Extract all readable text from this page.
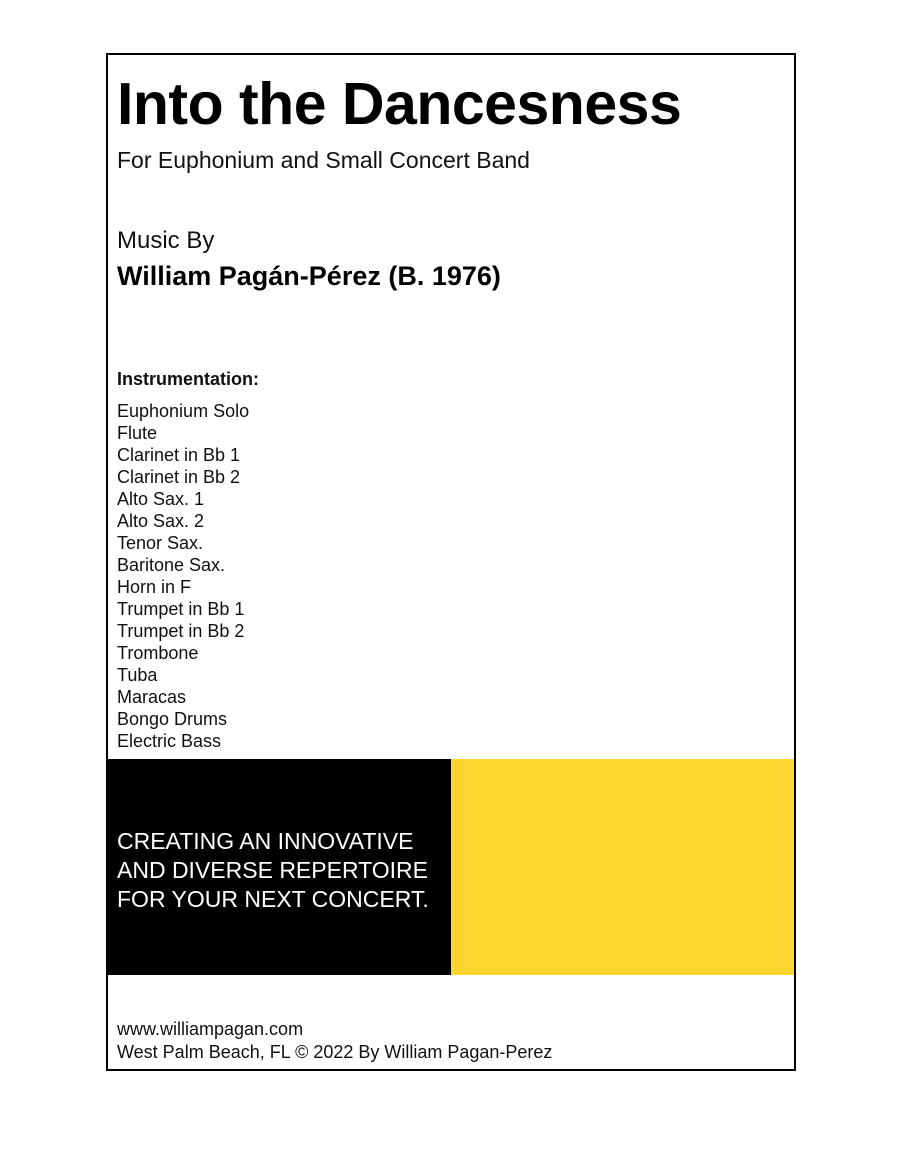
Into the Dancesness
For Euphonium and Small Concert Band
Music By
William Pagán-Pérez (B. 1976)
Instrumentation:
Euphonium Solo
Flute
Clarinet in Bb 1
Clarinet in Bb 2
Alto Sax. 1
Alto Sax. 2
Tenor Sax.
Baritone Sax.
Horn in F
Trumpet in Bb 1
Trumpet in Bb 2
Trombone
Tuba
Maracas
Bongo Drums
Electric Bass
CREATING AN INNOVATIVE
AND DIVERSE REPERTOIRE
FOR YOUR NEXT CONCERT.
www.williampagan.com
West Palm Beach, FL © 2022 By William Pagan-Perez
